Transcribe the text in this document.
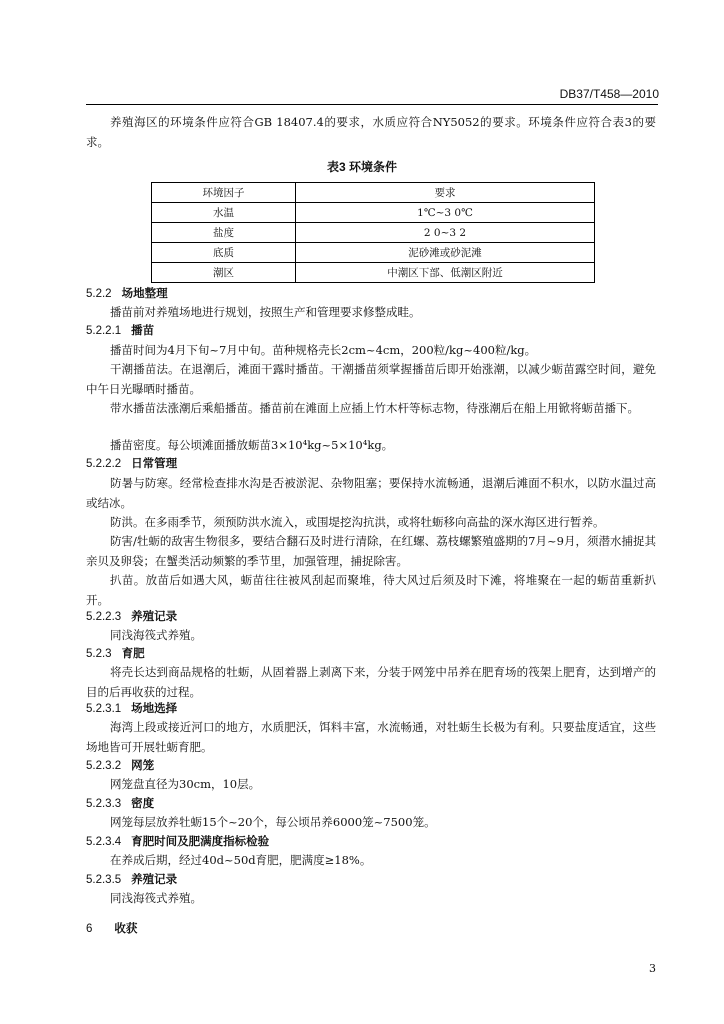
DB37/T458—2010
养殖海区的环境条件应符合GB 18407.4的要求，水质应符合NY5052的要求。环境条件应符合表3的要求。
表3 环境条件
环境因子	要求
水温	1℃~3 0℃
盐度	2 0~3 2
底质	泥砂滩或砂泥滩
潮区	中潮区下部、低潮区附近
5.2.2 场地整理
播苗前对养殖场地进行规划，按照生产和管理要求修整成畦。
5.2.2.1 播苗
播苗时间为4月下旬~7月中旬。苗种规格壳长2cm~4cm，200粒/kg~400粒/kg。
干潮播苗法。在退潮后，滩面干露时播苗。干潮播苗须掌握播苗后即开始涨潮，以减少蛎苗露空时间，避免中午日光曝晒时播苗。
带水播苗法涨潮后乘船播苗。播苗前在滩面上应插上竹木杆等标志物，待涨潮后在船上用锨将蛎苗播下。
播苗密度。每公顷滩面播放蛎苗3×10⁴kg~5×10⁴kg。
5.2.2.2 日常管理
防暑与防寒。经常检查排水沟是否被淤泥、杂物阻塞；要保持水流畅通，退潮后滩面不积水，以防水温过高或结冰。
防洪。在多雨季节，须预防洪水流入，或围堤挖沟抗洪，或将牡蛎移向高盐的深水海区进行暂养。
防害/牡蛎的敌害生物很多，要结合翻石及时进行清除，在红螺、荔枝螺繁殖盛期的7月~9月，须潜水捕捉其亲贝及卵袋；在蟹类活动频繁的季节里，加强管理，捕捉除害。
扒苗。放苗后如遇大风，蛎苗往往被风刮起而聚堆，待大风过后须及时下滩，将堆聚在一起的蛎苗重新扒开。
5.2.2.3 养殖记录
同浅海筏式养殖。
5.2.3 育肥
将壳长达到商品规格的牡蛎，从固着器上剥离下来，分装于网笼中吊养在肥育场的筏架上肥育，达到增产的目的后再收获的过程。
5.2.3.1 场地选择
海湾上段或接近河口的地方，水质肥沃，饵料丰富，水流畅通，对牡蛎生长极为有利。只要盐度适宜，这些场地皆可开展牡蛎育肥。
5.2.3.2 网笼
网笼盘直径为30cm，10层。
5.2.3.3 密度
网笼每层放养牡蛎15个~20个，每公顷吊养6000笼~7500笼。
5.2.3.4 育肥时间及肥满度指标检验
在养成后期，经过40d~50d育肥，肥满度≥18%。
5.2.3.5 养殖记录
同浅海筏式养殖。
6 收获
3
